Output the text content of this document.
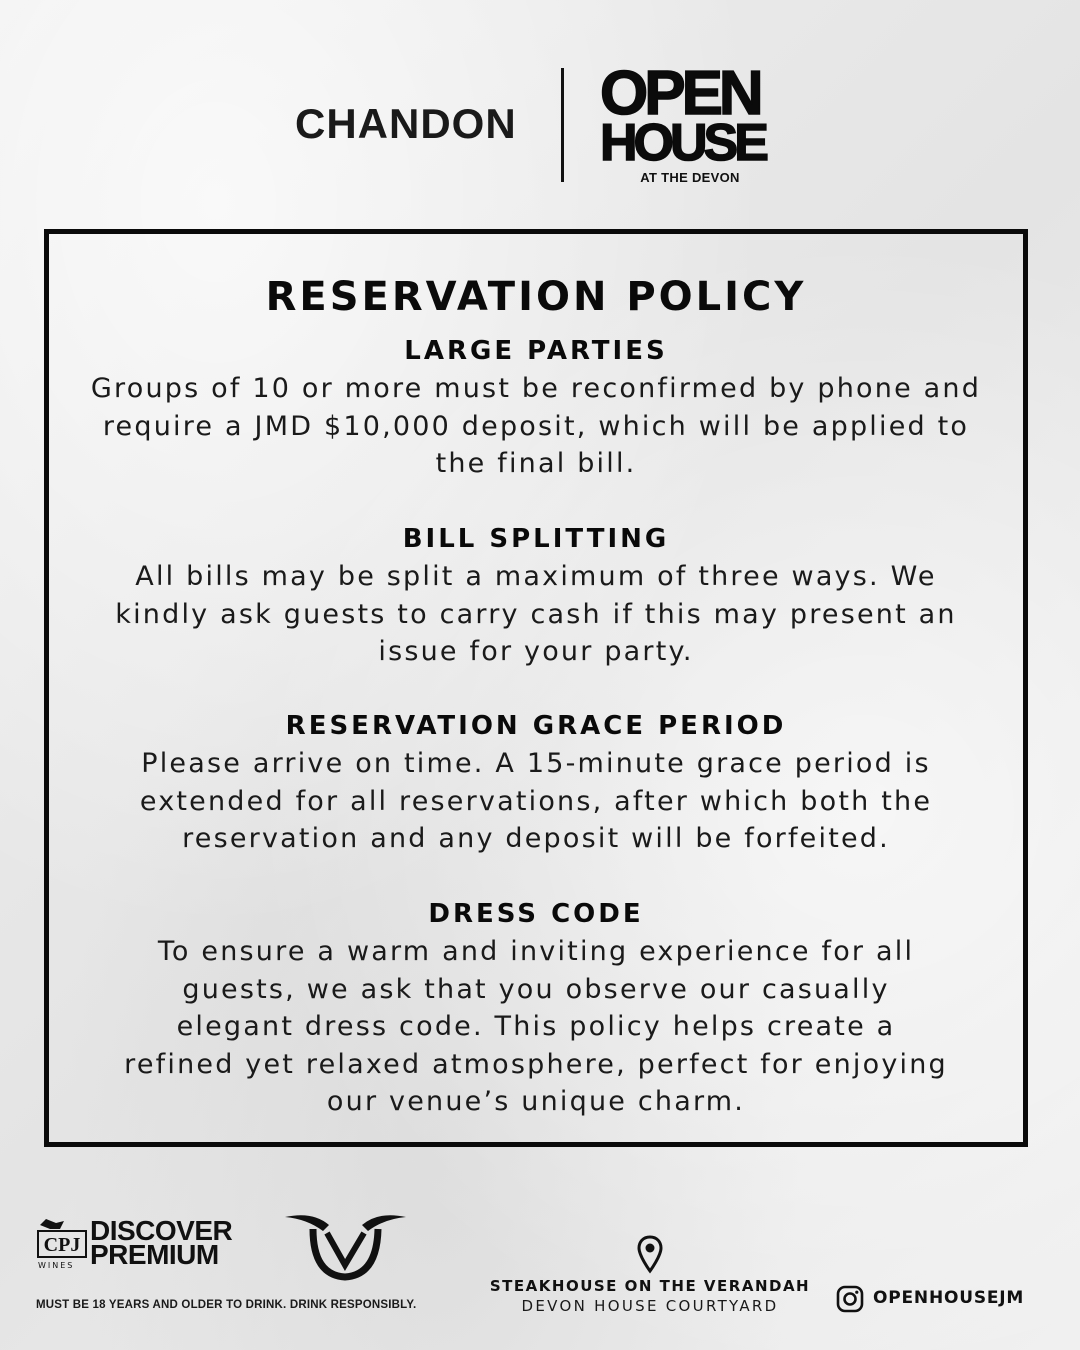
CHANDON OPEN
HOUSE
AT THE DEVON
RESERVATION POLICY
LARGE PARTIES

Groups of 10 or more must be reconfirmed by phone and require a JMD $10,000 deposit, which will be applied to the final bill.

BILL SPLITTING

All bills may be split a maximum of three ways. We kindly ask guests to carry cash if this may present an issue for your party.

RESERVATION GRACE PERIOD

Please arrive on time. A 15-minute grace period is extended for all reservations, after which both the reservation and any deposit will be forfeited.

DRESS CODE

To ensure a warm and inviting experience for all guests, we ask that you observe our casually elegant dress code. This policy helps create a refined yet relaxed atmosphere, perfect for enjoying our venue’s unique charm.

CPJ DISCOVER
PREMIUM
WINES
MUST BE 18 YEARS AND OLDER TO DRINK. DRINK RESPONSIBLY.
STEAKHOUSE ON THE VERANDAH
DEVON HOUSE COURTYARD	OPENHOUSEJM
